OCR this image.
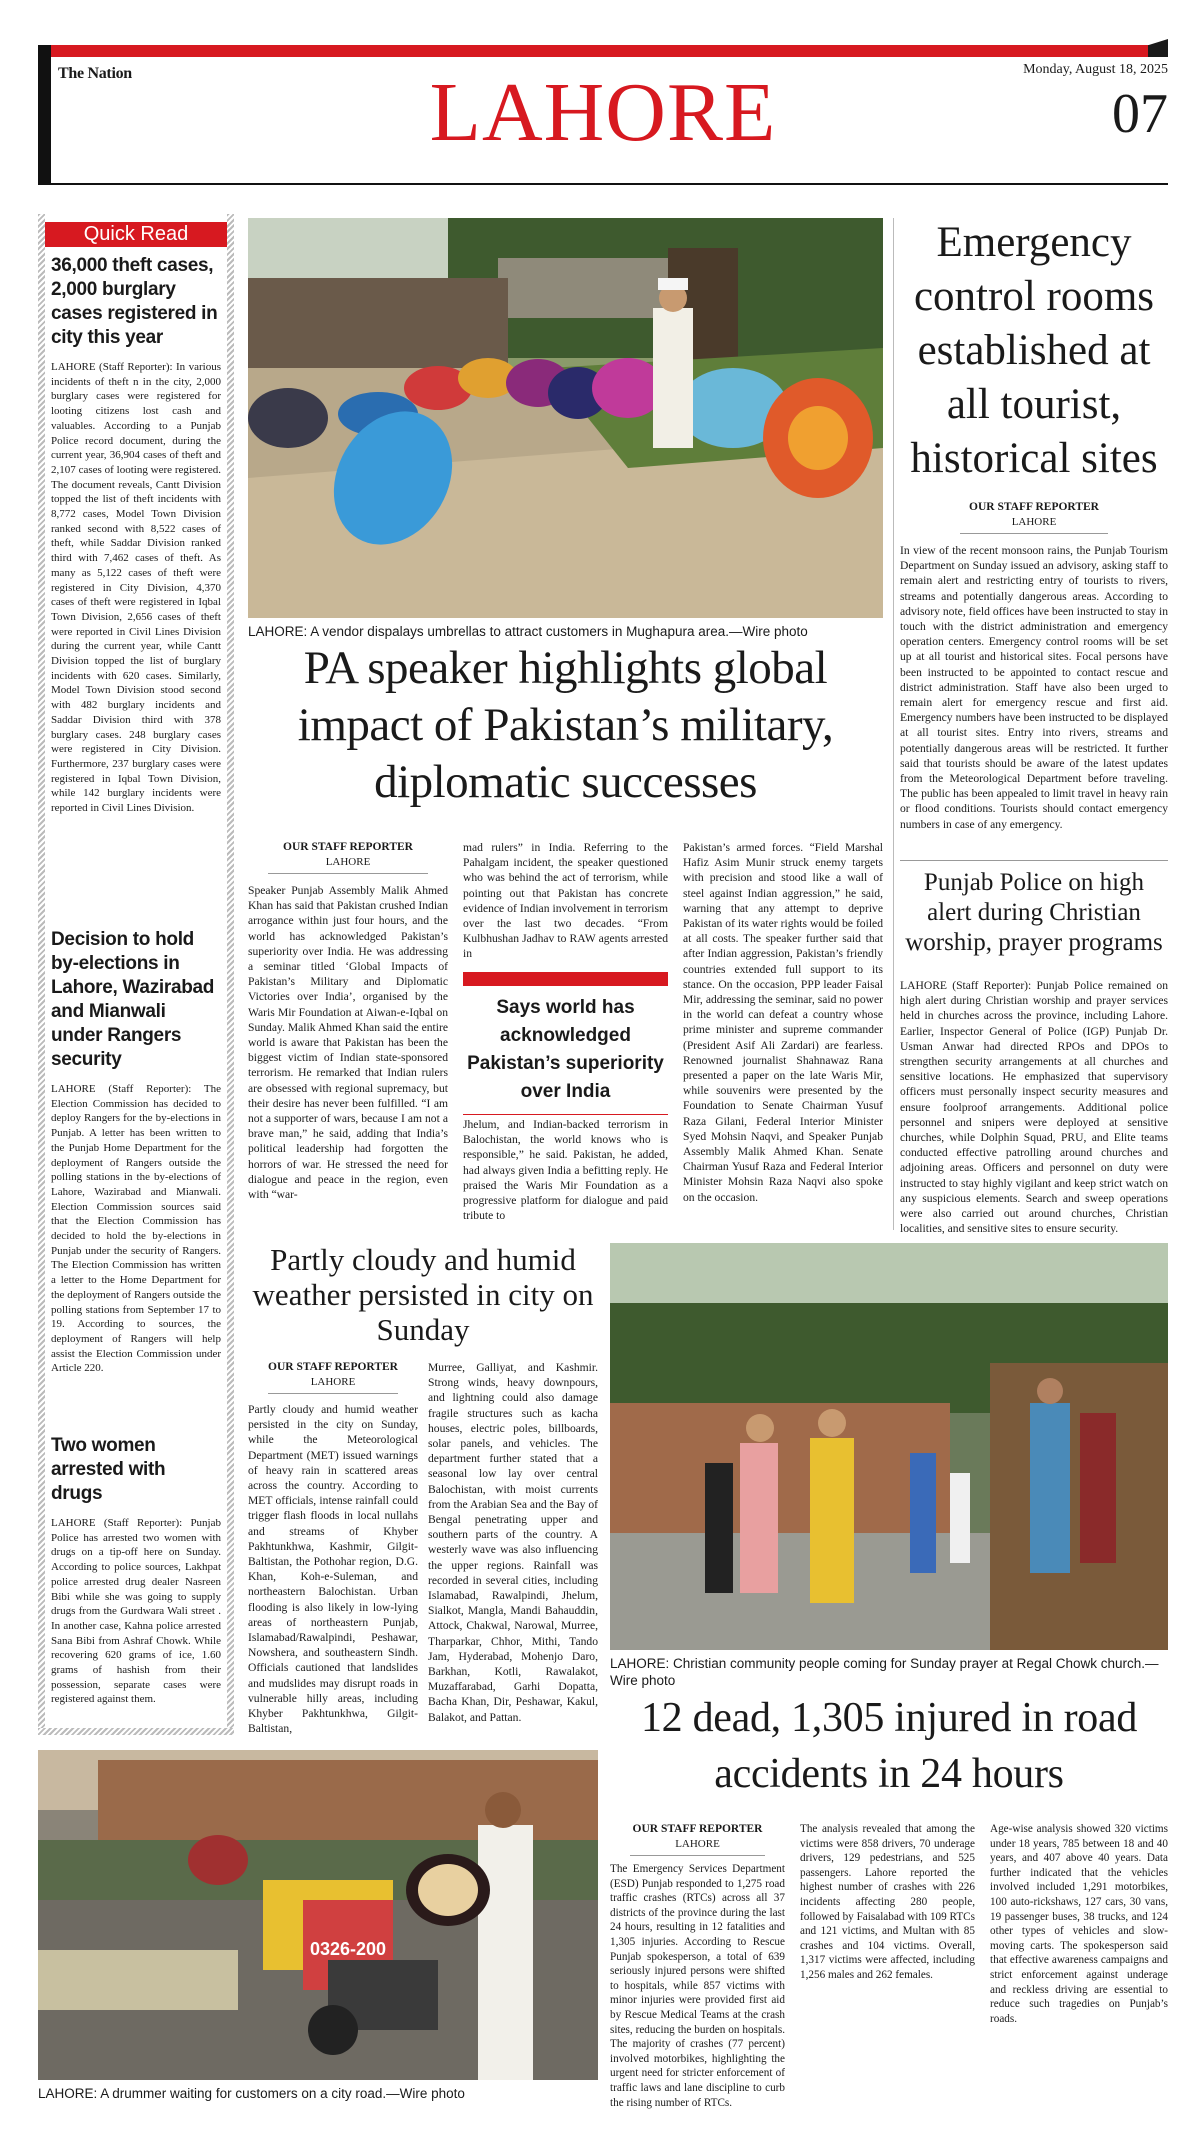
The Nation	LAHORE	Monday, August 18, 2025
07
Quick Read
36,000 theft cases, 2,000 burglary cases registered in city this year

LAHORE (Staff Reporter): In various incidents of theft n in the city, 2,000 burglary cases were registered for looting citizens lost cash and valuables. According to a Punjab Police record document, during the current year, 36,904 cases of theft and 2,107 cases of looting were registered. The document reveals, Cantt Division topped the list of theft incidents with 8,772 cases, Model Town Division ranked second with 8,522 cases of theft, while Saddar Division ranked third with 7,462 cases of theft. As many as 5,122 cases of theft were registered in City Division, 4,370 cases of theft were registered in Iqbal Town Division, 2,656 cases of theft were reported in Civil Lines Division during the current year, while Cantt Division topped the list of burglary incidents with 620 cases. Similarly, Model Town Division stood second with 482 burglary incidents and Saddar Division third with 378 burglary cases. 248 burglary cases were registered in City Division. Furthermore, 237 burglary cases were registered in Iqbal Town Division, while 142 burglary incidents were reported in Civil Lines Division.

Decision to hold by-elections in Lahore, Wazirabad and Mianwali under Rangers security

LAHORE (Staff Reporter): The Election Commission has decided to deploy Rangers for the by-elections in Punjab. A letter has been written to the Punjab Home Department for the deployment of Rangers outside the polling stations in the by-elections of Lahore, Wazirabad and Mianwali. Election Commission sources said that the Election Commission has decided to hold the by-elections in Punjab under the security of Rangers. The Election Commission has written a letter to the Home Department for the deployment of Rangers outside the polling stations from September 17 to 19. According to sources, the deployment of Rangers will help assist the Election Commission under Article 220.

Two women arrested with drugs

LAHORE (Staff Reporter): Punjab Police has arrested two women with drugs on a tip-off here on Sunday. According to police sources, Lakhpat police arrested drug dealer Nasreen Bibi while she was going to supply drugs from the Gurdwara Wali street . In another case, Kahna police arrested Sana Bibi from Ashraf Chowk. While recovering 620 grams of ice, 1.60 grams of hashish from their possession, separate cases were registered against them.

LAHORE: A vendor dispalays umbrellas to attract customers in Mughapura area.—Wire photo
PA speaker highlights global impact of Pakistan’s military, diplomatic successes
OUR STAFF REPORTER
LAHORE

Speaker Punjab Assembly Malik Ahmed Khan has said that Pakistan crushed Indian arrogance within just four hours, and the world has acknowledged Pakistan’s superiority over India. He was addressing a seminar titled ‘Global Impacts of Pakistan’s Military and Diplomatic Victories over India’, organised by the Waris Mir Foundation at Aiwan-e-Iqbal on Sunday. Malik Ahmed Khan said the entire world is aware that Pakistan has been the biggest victim of Indian state-sponsored terrorism. He remarked that Indian rulers are obsessed with regional supremacy, but their desire has never been fulfilled. “I am not a supporter of wars, because I am not a brave man,” he said, adding that India’s political leadership had forgotten the horrors of war. He stressed the need for dialogue and peace in the region, even with “war-

mad rulers” in India. Referring to the Pahalgam incident, the speaker questioned who was behind the act of terrorism, while pointing out that Pakistan has concrete evidence of Indian involvement in terrorism over the last two decades. “From Kulbhushan Jadhav to RAW agents arrested in

Says world has acknowledged Pakistan’s superiority over India

Jhelum, and Indian-backed terrorism in Balochistan, the world knows who is responsible,” he said. Pakistan, he added, had always given India a befitting reply. He praised the Waris Mir Foundation as a progressive platform for dialogue and paid tribute to

Pakistan’s armed forces. “Field Marshal Hafiz Asim Munir struck enemy targets with precision and stood like a wall of steel against Indian aggression,” he said, warning that any attempt to deprive Pakistan of its water rights would be foiled at all costs. The speaker further said that after Indian aggression, Pakistan’s friendly countries extended full support to its stance. On the occasion, PPP leader Faisal Mir, addressing the seminar, said no power in the world can defeat a country whose prime minister and supreme commander (President Asif Ali Zardari) are fearless. Renowned journalist Shahnawaz Rana presented a paper on the late Waris Mir, while souvenirs were presented by the Foundation to Senate Chairman Yusuf Raza Gilani, Federal Interior Minister Syed Mohsin Naqvi, and Speaker Punjab Assembly Malik Ahmed Khan. Senate Chairman Yusuf Raza and Federal Interior Minister Mohsin Raza Naqvi also spoke on the occasion.

Emergency control rooms established at all tourist, historical sites
OUR STAFF REPORTER
LAHORE

In view of the recent monsoon rains, the Punjab Tourism Department on Sunday issued an advisory, asking staff to remain alert and restricting entry of tourists to rivers, streams and potentially dangerous areas. According to advisory note, field offices have been instructed to stay in touch with the district administration and emergency operation centers. Emergency control rooms will be set up at all tourist and historical sites. Focal persons have been instructed to be appointed to contact rescue and district administration. Staff have also been urged to remain alert for emergency rescue and first aid. Emergency numbers have been instructed to be displayed at all tourist sites. Entry into rivers, streams and potentially dangerous areas will be restricted. It further said that tourists should be aware of the latest updates from the Meteorological Department before traveling. The public has been appealed to limit travel in heavy rain or flood conditions. Tourists should contact emergency numbers in case of any emergency.

Punjab Police on high alert during Christian worship, prayer programs

LAHORE (Staff Reporter): Punjab Police remained on high alert during Christian worship and prayer services held in churches across the province, including Lahore. Earlier, Inspector General of Police (IGP) Punjab Dr. Usman Anwar had directed RPOs and DPOs to strengthen security arrangements at all churches and sensitive locations. He emphasized that supervisory officers must personally inspect security measures and ensure foolproof arrangements. Additional police personnel and snipers were deployed at sensitive churches, while Dolphin Squad, PRU, and Elite teams conducted effective patrolling around churches and adjoining areas. Officers and personnel on duty were instructed to stay highly vigilant and keep strict watch on any suspicious elements. Search and sweep operations were also carried out around churches, Christian localities, and sensitive sites to ensure security.

Partly cloudy and humid weather persisted in city on Sunday
OUR STAFF REPORTER
LAHORE

Partly cloudy and humid weather persisted in the city on Sunday, while the Meteorological Department (MET) issued warnings of heavy rain in scattered areas across the country. According to MET officials, intense rainfall could trigger flash floods in local nullahs and streams of Khyber Pakhtunkhwa, Kashmir, Gilgit-Baltistan, the Pothohar region, D.G. Khan, Koh-e-Suleman, and northeastern Balochistan. Urban flooding is also likely in low-lying areas of northeastern Punjab, Islamabad/Rawalpindi, Peshawar, Nowshera, and southeastern Sindh. Officials cautioned that landslides and mudslides may disrupt roads in vulnerable hilly areas, including Khyber Pakhtunkhwa, Gilgit-Baltistan,

Murree, Galliyat, and Kashmir. Strong winds, heavy downpours, and lightning could also damage fragile structures such as kacha houses, electric poles, billboards, solar panels, and vehicles. The department further stated that a seasonal low lay over central Balochistan, with moist currents from the Arabian Sea and the Bay of Bengal penetrating upper and southern parts of the country. A westerly wave was also influencing the upper regions. Rainfall was recorded in several cities, including Islamabad, Rawalpindi, Jhelum, Sialkot, Mangla, Mandi Bahauddin, Attock, Chakwal, Narowal, Murree, Tharparkar, Chhor, Mithi, Tando Jam, Hyderabad, Mohenjo Daro, Barkhan, Kotli, Rawalakot, Muzaffarabad, Garhi Dopatta, Bacha Khan, Dir, Peshawar, Kakul, Balakot, and Pattan.

LAHORE: Christian community people coming for Sunday prayer at Regal Chowk church.—Wire photo
0326-200
LAHORE: A drummer waiting for customers on a city road.—Wire photo
12 dead, 1,305 injured in road accidents in 24 hours
OUR STAFF REPORTER
LAHORE

The Emergency Services Department (ESD) Punjab responded to 1,275 road traffic crashes (RTCs) across all 37 districts of the province during the last 24 hours, resulting in 12 fatalities and 1,305 injuries. According to Rescue Punjab spokesperson, a total of 639 seriously injured persons were shifted to hospitals, while 857 victims with minor injuries were provided first aid by Rescue Medical Teams at the crash sites, reducing the burden on hospitals. The majority of crashes (77 percent) involved motorbikes, highlighting the urgent need for stricter enforcement of traffic laws and lane discipline to curb the rising number of RTCs.

The analysis revealed that among the victims were 858 drivers, 70 underage drivers, 129 pedestrians, and 525 passengers. Lahore reported the highest number of crashes with 226 incidents affecting 280 people, followed by Faisalabad with 109 RTCs and 121 victims, and Multan with 85 crashes and 104 victims. Overall, 1,317 victims were affected, including 1,256 males and 262 females.

Age-wise analysis showed 320 victims under 18 years, 785 between 18 and 40 years, and 407 above 40 years. Data further indicated that the vehicles involved included 1,291 motorbikes, 100 auto-rickshaws, 127 cars, 30 vans, 19 passenger buses, 38 trucks, and 124 other types of vehicles and slow-moving carts. The spokesperson said that effective awareness campaigns and strict enforcement against underage and reckless driving are essential to reduce such tragedies on Punjab’s roads.
